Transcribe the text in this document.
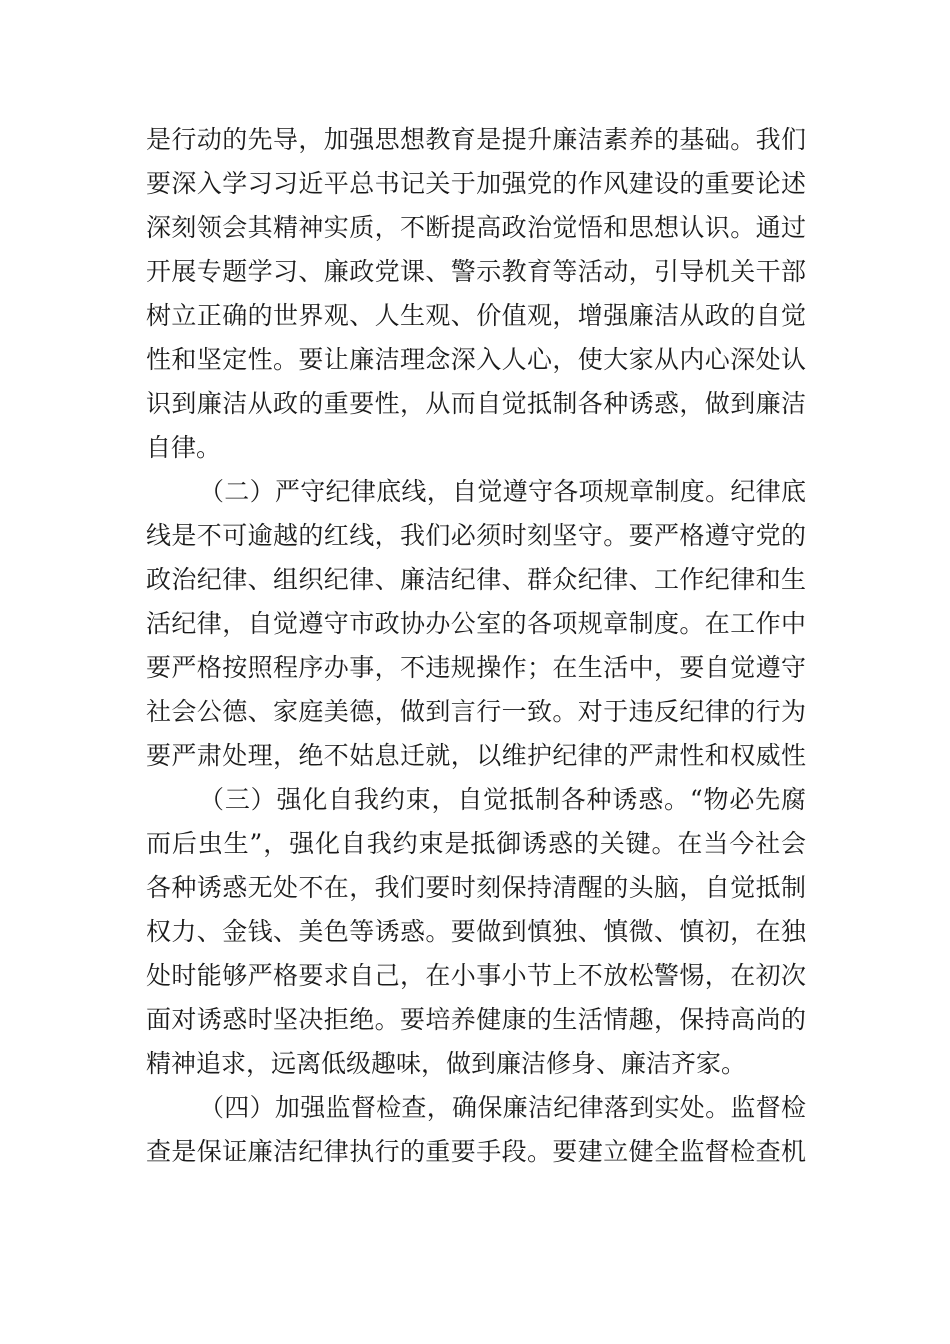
是行动的先导，加强思想教育是提升廉洁素养的基础。我们
要深入学习习近平总书记关于加强党的作风建设的重要论述
深刻领会其精神实质，不断提高政治觉悟和思想认识。通过
开展专题学习、廉政党课、警示教育等活动，引导机关干部
树立正确的世界观、人生观、价值观，增强廉洁从政的自觉
性和坚定性。要让廉洁理念深入人心，使大家从内心深处认
识到廉洁从政的重要性，从而自觉抵制各种诱惑，做到廉洁
自律。
（二）严守纪律底线，自觉遵守各项规章制度。纪律底
线是不可逾越的红线，我们必须时刻坚守。要严格遵守党的
政治纪律、组织纪律、廉洁纪律、群众纪律、工作纪律和生
活纪律，自觉遵守市政协办公室的各项规章制度。在工作中
要严格按照程序办事，不违规操作；在生活中，要自觉遵守
社会公德、家庭美德，做到言行一致。对于违反纪律的行为
要严肃处理，绝不姑息迁就，以维护纪律的严肃性和权威性
（三）强化自我约束，自觉抵制各种诱惑。“物必先腐
而后虫生”，强化自我约束是抵御诱惑的关键。在当今社会
各种诱惑无处不在，我们要时刻保持清醒的头脑，自觉抵制
权力、金钱、美色等诱惑。要做到慎独、慎微、慎初，在独
处时能够严格要求自己，在小事小节上不放松警惕，在初次
面对诱惑时坚决拒绝。要培养健康的生活情趣，保持高尚的
精神追求，远离低级趣味，做到廉洁修身、廉洁齐家。
（四）加强监督检查，确保廉洁纪律落到实处。监督检
查是保证廉洁纪律执行的重要手段。要建立健全监督检查机
